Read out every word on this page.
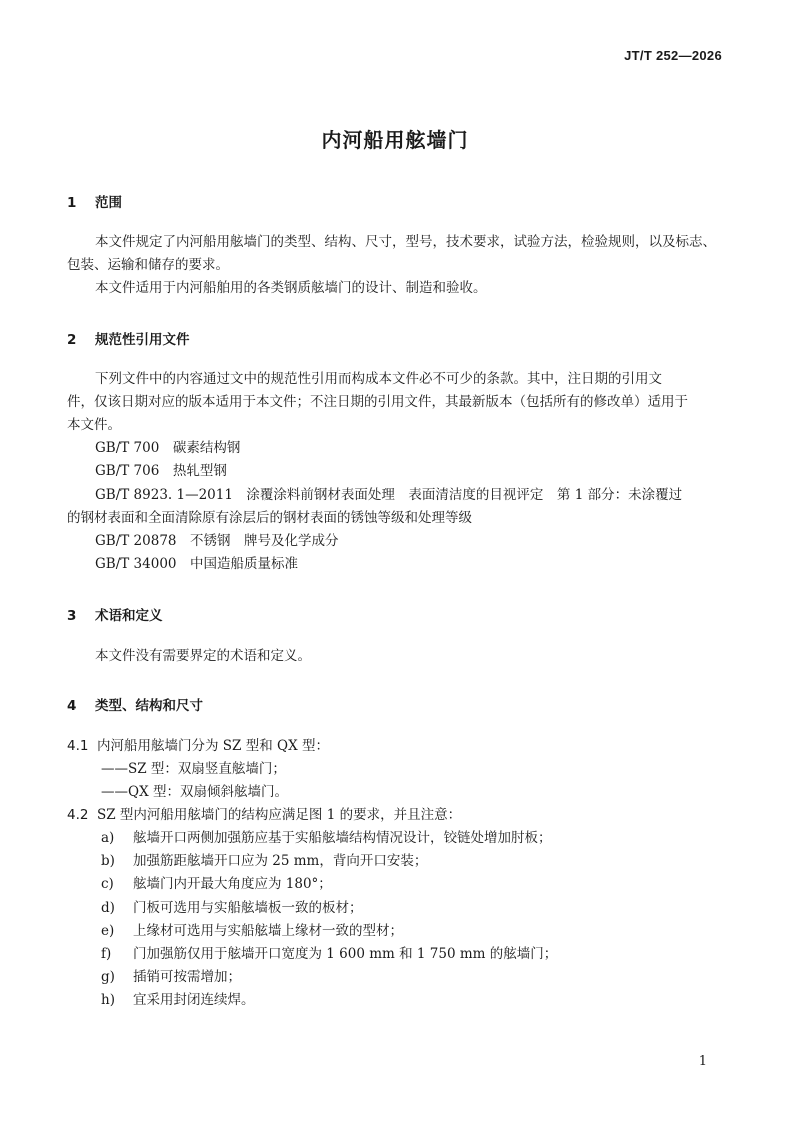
JT/T 252—2026
内河船用舷墙门
1 范围
本文件规定了内河船用舷墙门的类型、结构、尺寸，型号，技术要求，试验方法，检验规则，以及标志、
包装、运输和储存的要求。
本文件适用于内河船舶用的各类钢质舷墙门的设计、制造和验收。
2 规范性引用文件
下列文件中的内容通过文中的规范性引用而构成本文件必不可少的条款。其中，注日期的引用文
件，仅该日期对应的版本适用于本文件；不注日期的引用文件，其最新版本（包括所有的修改单）适用于
本文件。
GB/T 700　碳素结构钢
GB/T 706　热轧型钢
GB/T 8923. 1—2011　涂覆涂料前钢材表面处理　表面清洁度的目视评定　第 1 部分：未涂覆过
的钢材表面和全面清除原有涂层后的钢材表面的锈蚀等级和处理等级
GB/T 20878　不锈钢　牌号及化学成分
GB/T 34000　中国造船质量标准
3 术语和定义
本文件没有需要界定的术语和定义。
4 类型、结构和尺寸
4.1 内河船用舷墙门分为 SZ 型和 QX 型：
——SZ 型：双扇竖直舷墙门；
——QX 型：双扇倾斜舷墙门。
4.2 SZ 型内河船用舷墙门的结构应满足图 1 的要求，并且注意：
a) 舷墙开口两侧加强筋应基于实船舷墙结构情况设计，铰链处增加肘板；
b) 加强筋距舷墙开口应为 25 mm，背向开口安装；
c) 舷墙门内开最大角度应为 180°；
d) 门板可选用与实船舷墙板一致的板材；
e) 上缘材可选用与实船舷墙上缘材一致的型材；
f) 门加强筋仅用于舷墙开口宽度为 1 600 mm 和 1 750 mm 的舷墙门；
g) 插销可按需增加；
h) 宜采用封闭连续焊。
1
